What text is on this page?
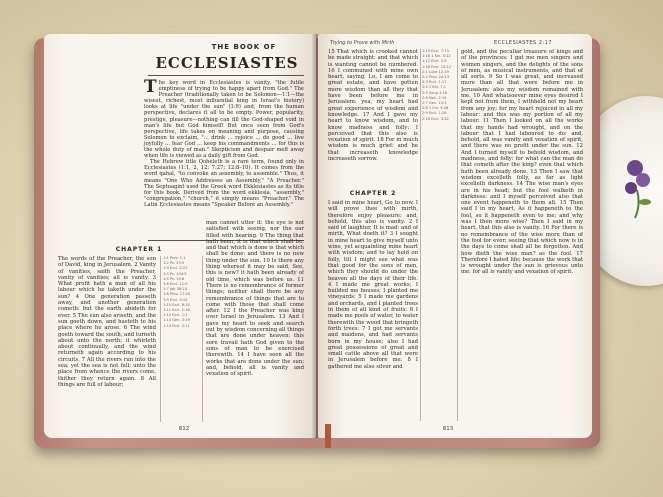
THE BOOK OF
ECCLESIASTES
T he key word in Ecclesiastes is vanity, "the futile emptiness of trying to be happy apart from God." The Preacher (traditionally taken to be Solomon—1:1—the wisest, richest, most influential king in Israel's history) looks at life "under the sun" (1:9) and, from the human perspective, declares it all to be empty. Power, popularity, prestige, pleasure—nothing can fill the God-shaped void in man's life but God himself! But once seen from God's perspective, life takes on meaning and purpose, causing Solomon to exclaim, "... drink ... rejoice ... do good ... live joyfully ... fear God ... keep his commandments ... for this is the whole duty of man." Skepticism and despair melt away when life is viewed as a daily gift from God.
The Hebrew title Qoheleth is a rare term, found only in Ecclesiastes (1:1, 2, 12; 7:27; 12:8–10). It comes from the word qahal, "to convoke an assembly, to assemble." Thus, it means "One Who Addresses an Assembly," "A Preacher." The Septuagint used the Greek word Ekklesiastes as its title for this book. Derived from the word ekklesia, "assembly," "congregation," "church," it simply means "Preacher." The Latin Ecclesiastes means "Speaker Before an Assembly."
CHAPTER 1
The words of the Preacher, the son of David, king in Jerusalem. 2 Vanity of vanities, saith the Preacher, vanity of vanities; all is vanity. 3 What profit hath a man of all his labour which he taketh under the sun? 4 One generation passeth away, and another generation cometh: but the earth abideth for ever. 5 The sun also ariseth, and the sun goeth down, and hasteth to his place where he arose. 6 The wind goeth toward the south, and turneth about unto the north; it whirleth about continually, and the wind returneth again according to his circuits. 7 All the rivers run into the sea; yet the sea is not full; unto the place from whence the rivers come, thither they return again. 8 All things are full of labour;
1:1 Prov. 1:1
1:2 Ps. 39:5
1:3 Eccl. 2:22
1:4 Ps. 104:5
1:5 Ps. 19:6
1:6 Eccl. 11:5
1:7 Job 38:10
1:8 Prov. 27:20
1:9 Eccl. 3:15
1:10 Eccl. 6:10
1:11 Eccl. 2:16
1:12 Eccl. 1:1
1:13 Gen. 3:19
1:14 Eccl. 2:11
man cannot utter it: the eye is not satisfied with seeing, nor the ear filled with hearing. 9 The thing that hath been, it is that which shall be; and that which is done is that which shall be done: and there is no new thing under the sun. 10 Is there any thing whereof it may be said, See, this is new? it hath been already of old time, which was before us. 11 There is no remembrance of former things; neither shall there be any remembrance of things that are to come with those that shall come after. 12 I the Preacher was king over Israel in Jerusalem. 13 And I gave my heart to seek and search out by wisdom concerning all things that are done under heaven: this sore travail hath God given to the sons of man to be exercised therewith. 14 I have seen all the works that are done under the sun; and, behold, all is vanity and vexation of spirit.
812
Trying to Prove with Mirth	ECCLESIASTES 2:17
15 That which is crooked cannot be made straight: and that which is wanting cannot be numbered. 16 I communed with mine own heart, saying, Lo, I am come to great estate, and have gotten more wisdom than all they that have been before me in Jerusalem: yea, my heart had great experience of wisdom and knowledge. 17 And I gave my heart to know wisdom, and to know madness and folly: I perceived that this also is vexation of spirit. 18 For in much wisdom is much grief: and he that increaseth knowledge increaseth sorrow.
CHAPTER 2
I said in mine heart, Go to now, I will prove thee with mirth, therefore enjoy pleasure: and, behold, this also is vanity. 2 I said of laughter, It is mad: and of mirth, What doeth it? 3 I sought in mine heart to give myself unto wine, yet acquainting mine heart with wisdom; and to lay hold on folly, till I might see what was that good for the sons of men, which they should do under the heaven all the days of their life. 4 I made me great works; I builded me houses; I planted me vineyards: 5 I made me gardens and orchards, and I planted trees in them of all kind of fruits: 6 I made me pools of water, to water therewith the wood that bringeth forth trees: 7 I got me servants and maidens, and had servants born in my house; also I had great possessions of great and small cattle above all that were in Jerusalem before me: 8 I gathered me also silver and
1:15 Eccl. 7:13
1:16 1 Kin. 3:12
1:17 Eccl. 2:3
1:18 Eccl. 12:12
2:1 Luke 12:19
2:2 Prov. 14:13
2:3 Eccl. 1:17
2:4 1 Kin. 7:1
2:5 Song 4:16
2:6 Neh. 2:14
2:7 Gen. 15:3
2:8 1 Kin. 9:28
2:9 Eccl. 1:16
2:10 Eccl. 3:22
gold, and the peculiar treasure of kings and of the provinces: I gat me men singers and women singers, and the delights of the sons of men, as musical instruments, and that of all sorts. 9 So I was great, and increased more than all that were before me in Jerusalem: also my wisdom remained with me. 10 And whatsoever mine eyes desired I kept not from them, I withheld not my heart from any joy; for my heart rejoiced in all my labour: and this was my portion of all my labour. 11 Then I looked on all the works that my hands had wrought, and on the labour that I had laboured to do: and, behold, all was vanity and vexation of spirit, and there was no profit under the sun. 12 And I turned myself to behold wisdom, and madness, and folly: for what can the man do that cometh after the king? even that which hath been already done. 13 Then I saw that wisdom excelleth folly, as far as light excelleth darkness. 14 The wise man's eyes are in his head; but the fool walketh in darkness: and I myself perceived also that one event happeneth to them all. 15 Then said I in my heart, As it happeneth to the fool, so it happeneth even to me; and why was I then more wise? Then I said in my heart, that this also is vanity. 16 For there is no remembrance of the wise more than of the fool for ever; seeing that which now is in the days to come shall all be forgotten. And how dieth the wise man? as the fool. 17 Therefore I hated life; because the work that is wrought under the sun is grievous unto me: for all is vanity and vexation of spirit.
813
